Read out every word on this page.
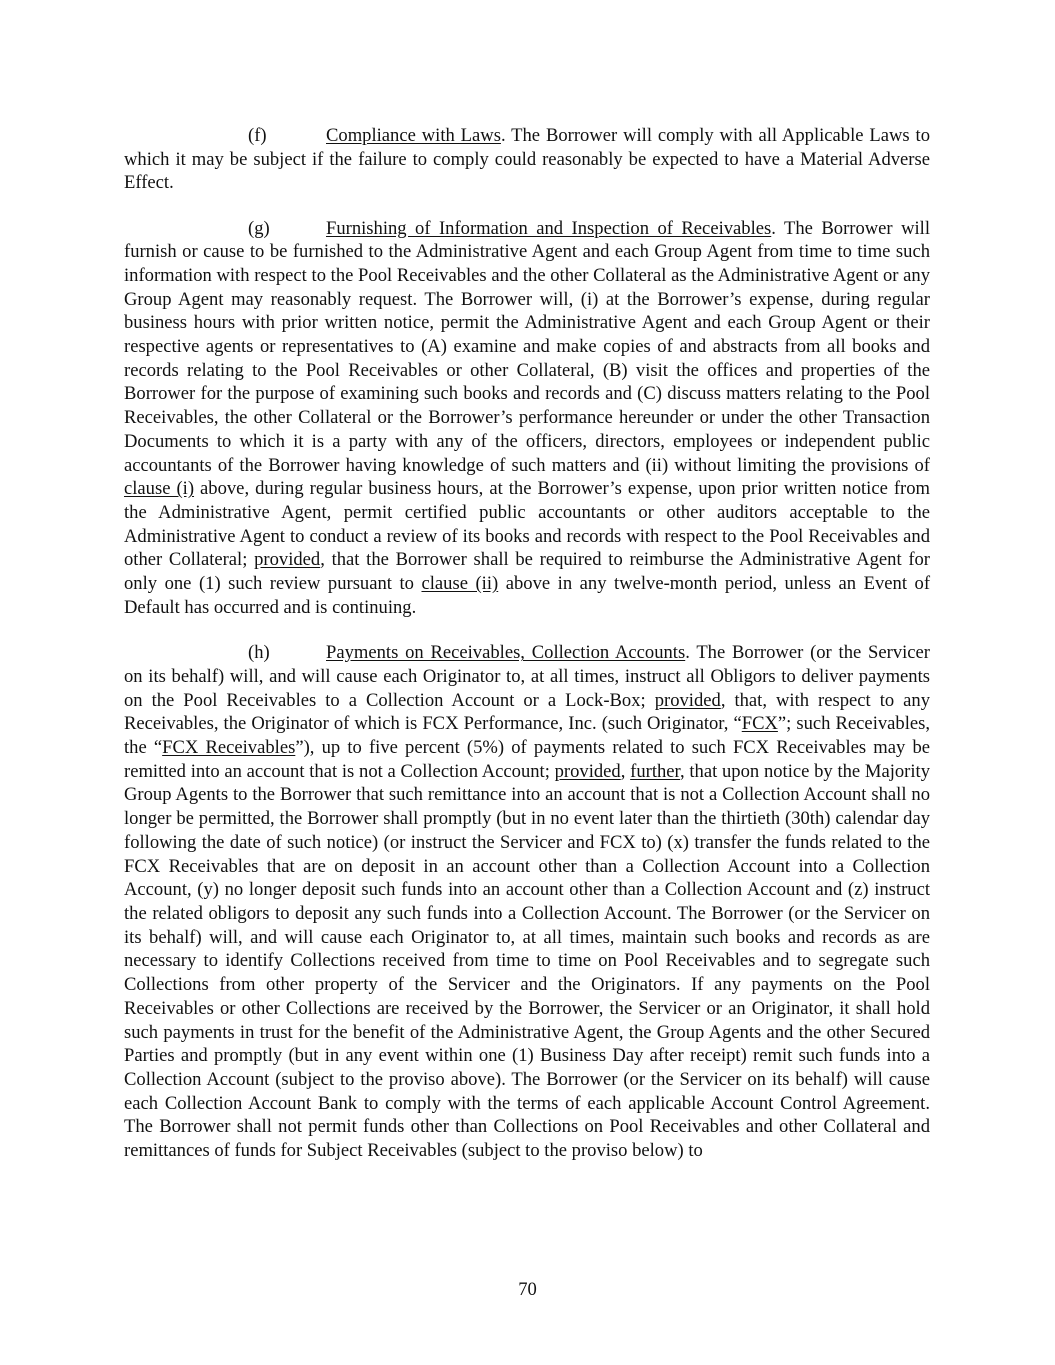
(f)	Compliance with Laws. The Borrower will comply with all Applicable Laws to which it may be subject if the failure to comply could reasonably be expected to have a Material Adverse Effect.

(g)	Furnishing of Information and Inspection of Receivables. The Borrower will furnish or cause to be furnished to the Administrative Agent and each Group Agent from time to time such information with respect to the Pool Receivables and the other Collateral as the Administrative Agent or any Group Agent may reasonably request. The Borrower will, (i) at the Borrower’s expense, during regular business hours with prior written notice, permit the Administrative Agent and each Group Agent or their respective agents or representatives to (A) examine and make copies of and abstracts from all books and records relating to the Pool Receivables or other Collateral, (B) visit the offices and properties of the Borrower for the purpose of examining such books and records and (C) discuss matters relating to the Pool Receivables, the other Collateral or the Borrower’s performance hereunder or under the other Transaction Documents to which it is a party with any of the officers, directors, employees or independent public accountants of the Borrower having knowledge of such matters and (ii) without limiting the provisions of clause (i) above, during regular business hours, at the Borrower’s expense, upon prior written notice from the Administrative Agent, permit certified public accountants or other auditors acceptable to the Administrative Agent to conduct a review of its books and records with respect to the Pool Receivables and other Collateral; provided, that the Borrower shall be required to reimburse the Administrative Agent for only one (1) such review pursuant to clause (ii) above in any twelve-month period, unless an Event of Default has occurred and is continuing.

(h)	Payments on Receivables, Collection Accounts. The Borrower (or the Servicer on its behalf) will, and will cause each Originator to, at all times, instruct all Obligors to deliver payments on the Pool Receivables to a Collection Account or a Lock-Box; provided, that, with respect to any Receivables, the Originator of which is FCX Performance, Inc. (such Originator, “FCX”; such Receivables, the “FCX Receivables”), up to five percent (5%) of payments related to such FCX Receivables may be remitted into an account that is not a Collection Account; provided, further, that upon notice by the Majority Group Agents to the Borrower that such remittance into an account that is not a Collection Account shall no longer be permitted, the Borrower shall promptly (but in no event later than the thirtieth (30th) calendar day following the date of such notice) (or instruct the Servicer and FCX to) (x) transfer the funds related to the FCX Receivables that are on deposit in an account other than a Collection Account into a Collection Account, (y) no longer deposit such funds into an account other than a Collection Account and (z) instruct the related obligors to deposit any such funds into a Collection Account. The Borrower (or the Servicer on its behalf) will, and will cause each Originator to, at all times, maintain such books and records as are necessary to identify Collections received from time to time on Pool Receivables and to segregate such Collections from other property of the Servicer and the Originators. If any payments on the Pool Receivables or other Collections are received by the Borrower, the Servicer or an Originator, it shall hold such payments in trust for the benefit of the Administrative Agent, the Group Agents and the other Secured Parties and promptly (but in any event within one (1) Business Day after receipt) remit such funds into a Collection Account (subject to the proviso above). The Borrower (or the Servicer on its behalf) will cause each Collection Account Bank to comply with the terms of each applicable Account Control Agreement. The Borrower shall not permit funds other than Collections on Pool Receivables and other Collateral and remittances of funds for Subject Receivables (subject to the proviso below) to

70
